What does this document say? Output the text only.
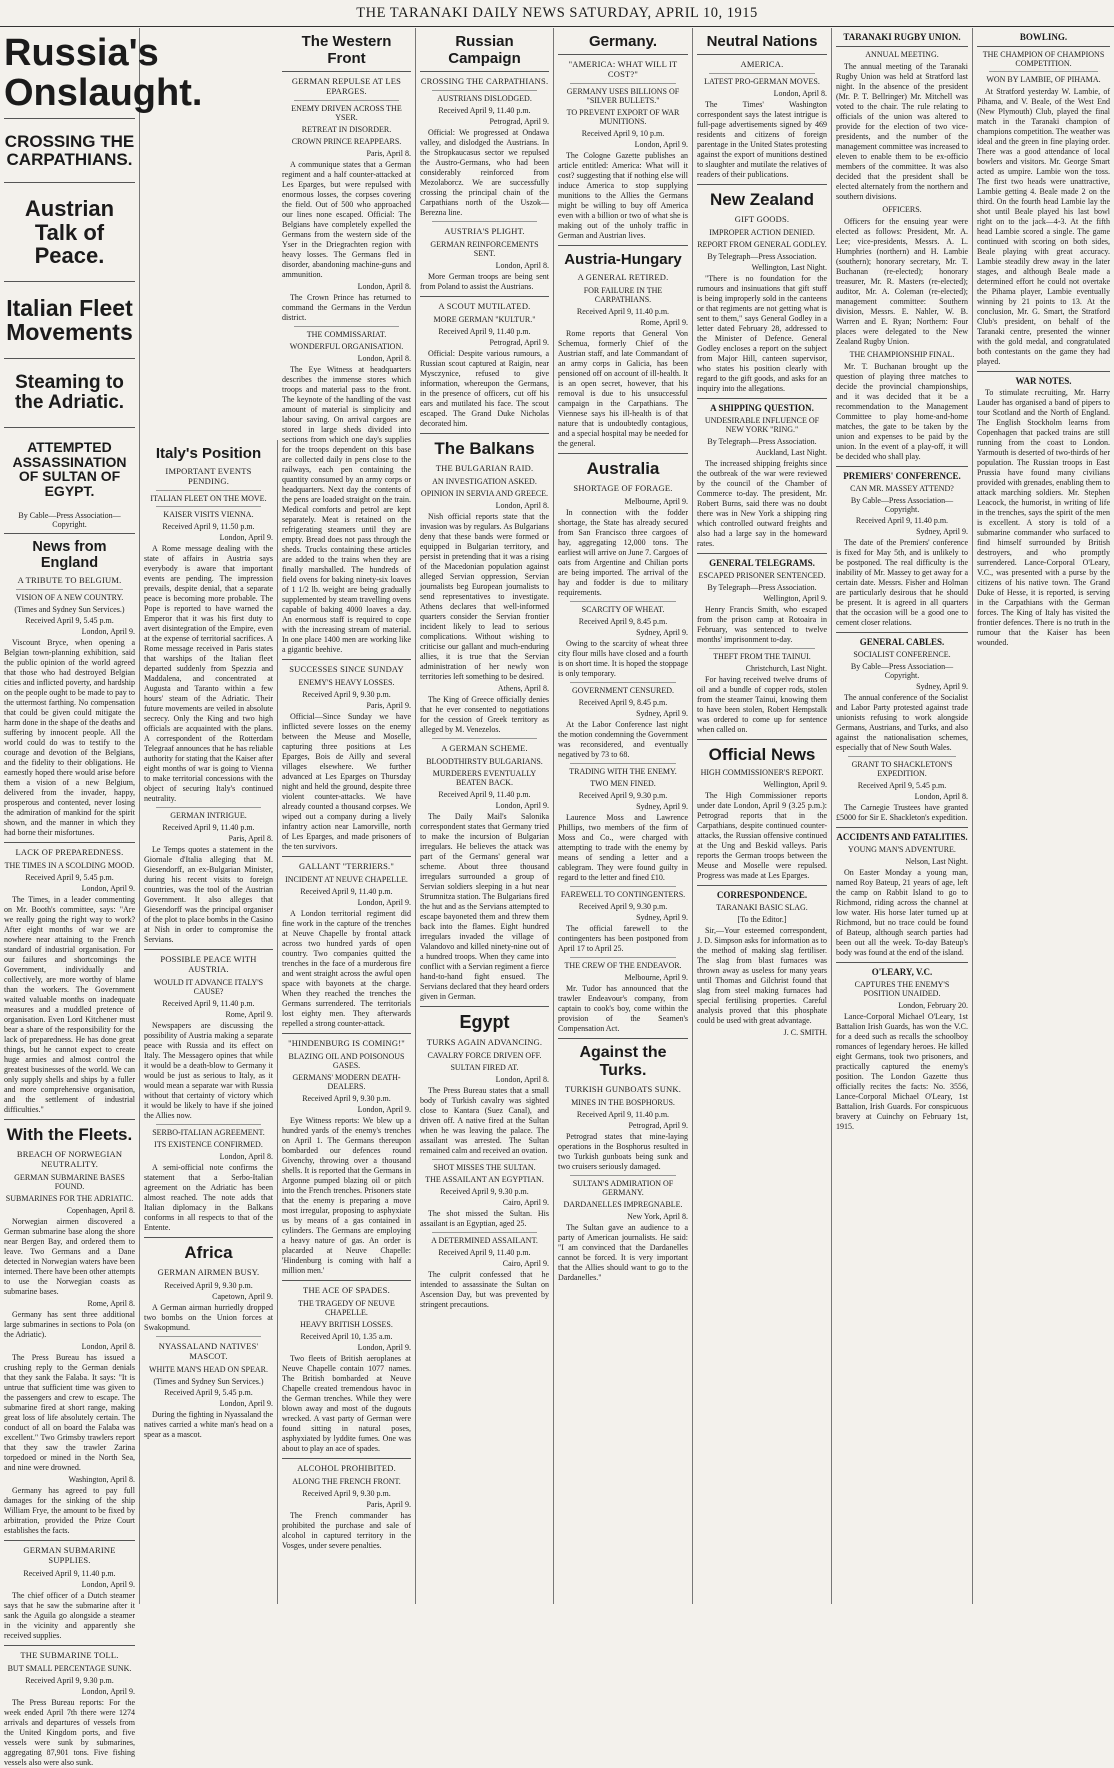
THE TARANAKI DAILY NEWS SATURDAY, APRIL 10, 1915
Russia's Onslaught.
CROSSING THE CARPATHIANS.
Austrian Talk of Peace.
Italian Fleet Movements
Steaming to the Adriatic.
ATTEMPTED ASSASSINATION OF SULTAN OF EGYPT.
By Cable—Press Association—Copyright.
News from England
A TRIBUTE TO BELGIUM.
VISION OF A NEW COUNTRY.
(Times and Sydney Sun Services.)
Received April 9, 5.45 p.m.
London, April 9.
Viscount Bryce, when opening a Belgian town-planning exhibition, said the public opinion of the world agreed that those who had destroyed Belgian cities and inflicted poverty, and hardship on the people ought to be made to pay to the uttermost farthing. No compensation that could be given could mitigate the harm done in the shape of the deaths and suffering by innocent people. All the world could do was to testify to the courage and devotion of the Belgians, and the fidelity to their obligations. He earnestly hoped there would arise before them a vision of a new Belgium, delivered from the invader, happy, prosperous and contented, never losing the admiration of mankind for the spirit shown, and the manner in which they had borne their misfortunes.
LACK OF PREPAREDNESS.
THE TIMES IN A SCOLDING MOOD.
Received April 9, 5.45 p.m.
London, April 9.
The Times, in a leader commenting on Mr. Booth's committee, says: "Are we really going the right way to work? After eight months of war we are nowhere near attaining to the French standard of industrial organisation. For our failures and shortcomings the Government, individually and collectively, are more worthy of blame than the workers. The Government waited valuable months on inadequate measures and a muddled pretence of organisation. Even Lord Kitchener must bear a share of the responsibility for the lack of preparedness. He has done great things, but he cannot expect to create huge armies and almost control the greatest businesses of the world. We can only supply shells and ships by a fuller and more comprehensive organisation, and the settlement of industrial difficulties."
With the Fleets.
BREACH OF NORWEGIAN NEUTRALITY.
GERMAN SUBMARINE BASES FOUND.
SUBMARINES FOR THE ADRIATIC.
Copenhagen, April 8.
Norwegian airmen discovered a German submarine base along the shore near Bergen Bay, and ordered them to leave. Two Germans and a Dane detected in Norwegian waters have been interned. There have been other attempts to use the Norwegian coasts as submarine bases.
Rome, April 8.
Germany has sent three additional large submarines in sections to Pola (on the Adriatic).
London, April 8.
The Press Bureau has issued a crushing reply to the German denials that they sank the Falaba. It says: "It is untrue that sufficient time was given to the passengers and crew to escape. The submarine fired at short range, making great loss of life absolutely certain. The conduct of all on board the Falaba was excellent." Two Grimsby trawlers report that they saw the trawler Zarina torpedoed or mined in the North Sea, and nine were drowned.
Washington, April 8.
Germany has agreed to pay full damages for the sinking of the ship William Frye, the amount to be fixed by arbitration, provided the Prize Court establishes the facts.
GERMAN SUBMARINE SUPPLIES.
Received April 9, 11.40 p.m.
London, April 9.
The chief officer of a Dutch steamer says that he saw the submarine after it sank the Aguila go alongside a steamer in the vicinity and apparently she received supplies.
THE SUBMARINE TOLL.
BUT SMALL PERCENTAGE SUNK.
Received April 9, 9.30 p.m.
London, April 9.
The Press Bureau reports: For the week ended April 7th there were 1274 arrivals and departures of vessels from the United Kingdom ports, and five vessels were sunk by submarines, aggregating 87,901 tons. Five fishing vessels also were also sunk.
Italy's Position
IMPORTANT EVENTS PENDING.
ITALIAN FLEET ON THE MOVE.
KAISER VISITS VIENNA.
Received April 9, 11.50 p.m.
London, April 9.
A Rome message dealing with the state of affairs in Austria says everybody is aware that important events are pending. The impression prevails, despite denial, that a separate peace is becoming more probable. The Pope is reported to have warned the Emperor that it was his first duty to avert disintegration of the Empire, even at the expense of territorial sacrifices. A Rome message received in Paris states that warships of the Italian fleet departed suddenly from Spezzia and Maddalena, and concentrated at Augusta and Taranto within a few hours' steam of the Adriatic. Their future movements are veiled in absolute secrecy. Only the King and two high officials are acquainted with the plans. A correspondent of the Rotterdam Telegraaf announces that he has reliable authority for stating that the Kaiser after eight months of war is going to Vienna to make territorial concessions with the object of securing Italy's continued neutrality.
GERMAN INTRIGUE.
Received April 9, 11.40 p.m.
Paris, April 8.
Le Temps quotes a statement in the Giornale d'Italia alleging that M. Giesendorff, an ex-Bulgarian Minister, during his recent visits to foreign countries, was the tool of the Austrian Government. It also alleges that Giesendorff was the principal organiser of the plot to place bombs in the Casino at Nish in order to compromise the Servians.
POSSIBLE PEACE WITH AUSTRIA.
WOULD IT ADVANCE ITALY'S CAUSE?
Received April 9, 11.40 p.m.
Rome, April 9.
Newspapers are discussing the possibility of Austria making a separate peace with Russia and its effect on Italy. The Messagero opines that while it would be a death-blow to Germany it would be just as serious to Italy, as it would mean a separate war with Russia without that certainty of victory which it would be likely to have if she joined the Allies now.
SERBO-ITALIAN AGREEMENT.
ITS EXISTENCE CONFIRMED.
London, April 8.
A semi-official note confirms the statement that a Serbo-Italian agreement on the Adriatic has been almost reached. The note adds that Italian diplomacy in the Balkans conforms in all respects to that of the Entente.
Africa
GERMAN AIRMEN BUSY.
Received April 9, 9.30 p.m.
Capetown, April 9.
A German airman hurriedly dropped two bombs on the Union forces at Swakopmund.
NYASSALAND NATIVES' MASCOT.
WHITE MAN'S HEAD ON SPEAR.
(Times and Sydney Sun Services.)
Received April 9, 5.45 p.m.
London, April 9.
During the fighting in Nyassaland the natives carried a white man's head on a spear as a mascot.
The Western Front
GERMAN REPULSE AT LES EPARGES.
ENEMY DRIVEN ACROSS THE YSER.
RETREAT IN DISORDER.
CROWN PRINCE REAPPEARS.
Paris, April 8.
A communique states that a German regiment and a half counter-attacked at Les Eparges, but were repulsed with enormous losses, the corpses covering the field. Out of 500 who approached our lines none escaped. Official: The Belgians have completely expelled the Germans from the western side of the Yser in the Driegrachten region with heavy losses. The Germans fled in disorder, abandoning machine-guns and ammunition.
London, April 8.
The Crown Prince has returned to command the Germans in the Verdun district.
THE COMMISSARIAT.
WONDERFUL ORGANISATION.
London, April 8.
The Eye Witness at headquarters describes the immense stores which troops and material pass to the front. The keynote of the handling of the vast amount of material is simplicity and labour saving. On arrival cargoes are stored in large sheds divided into sections from which one day's supplies for the troops dependent on this base are collected daily in pens close to the railways, each pen containing the quantity consumed by an army corps or headquarters. Next day the contents of the pens are loaded straight on the train. Medical comforts and petrol are kept separately. Meat is retained on the refrigerating steamers until they are empty. Bread does not pass through the sheds. Trucks containing these articles are added to the trains when they are finally marshalled. The hundreds of field ovens for baking ninety-six loaves of 1 1/2 lb. weight are being gradually supplemented by steam travelling ovens capable of baking 4000 loaves a day. An enormous staff is required to cope with the increasing stream of material. In one place 1400 men are working like a gigantic beehive.
SUCCESSES SINCE SUNDAY
ENEMY'S HEAVY LOSSES.
Received April 9, 9.30 p.m.
Paris, April 9.
Official—Since Sunday we have inflicted severe losses on the enemy between the Meuse and Moselle, capturing three positions at Les Eparges, Bois de Ailly and several villages elsewhere. We further advanced at Les Eparges on Thursday night and held the ground, despite three violent counter-attacks. We have already counted a thousand corpses. We wiped out a company during a lively infantry action near Lamorville, north of Les Eparges, and made prisoners of the ten survivors.
GALLANT "TERRIERS."
INCIDENT AT NEUVE CHAPELLE.
Received April 9, 11.40 p.m.
London, April 9.
A London territorial regiment did fine work in the capture of the trenches at Neuve Chapelle by frontal attack across two hundred yards of open country. Two companies quitted the trenches in the face of a murderous fire and went straight across the awful open space with bayonets at the charge. When they reached the trenches the Germans surrendered. The territorials lost eighty men. They afterwards repelled a strong counter-attack.
"HINDENBURG IS COMING!"
BLAZING OIL AND POISONOUS GASES.
GERMANS' MODERN DEATH-DEALERS.
Received April 9, 9.30 p.m.
London, April 9.
Eye Witness reports: We blew up a hundred yards of the enemy's trenches on April 1. The Germans thereupon bombarded our defences round Givenchy, throwing over a thousand shells. It is reported that the Germans in Argonne pumped blazing oil or pitch into the French trenches. Prisoners state that the enemy is preparing a move most irregular, proposing to asphyxiate us by means of a gas contained in cylinders. The Germans are employing a heavy nature of gas. An order is placarded at Neuve Chapelle: 'Hindenburg is coming with half a million men.'
THE ACE OF SPADES.
THE TRAGEDY OF NEUVE CHAPELLE.
HEAVY BRITISH LOSSES.
Received April 10, 1.35 a.m.
London, April 9.
Two fleets of British aeroplanes at Neuve Chapelle contain 1077 names. The British bombarded at Neuve Chapelle created tremendous havoc in the German trenches. While they were blown away and most of the dugouts wrecked. A vast party of German were found sitting in natural poses, asphyxiated by lyddite fumes. One was about to play an ace of spades.
ALCOHOL PROHIBITED.
ALONG THE FRENCH FRONT.
Received April 9, 9.30 p.m.
Paris, April 9.
The French commander has prohibited the purchase and sale of alcohol in captured territory in the Vosges, under severe penalties.
Russian Campaign
CROSSING THE CARPATHIANS.
AUSTRIANS DISLODGED.
Received April 9, 11.40 p.m.
Petrograd, April 9.
Official: We progressed at Ondawa valley, and dislodged the Austrians. In the Stropkaucasus sector we repulsed the Austro-Germans, who had been considerably reinforced from Mezolaborcz. We are successfully crossing the principal chain of the Carpathians north of the Uszok—Berezna line.
AUSTRIA'S PLIGHT.
GERMAN REINFORCEMENTS SENT.
London, April 8.
More German troops are being sent from Poland to assist the Austrians.
A SCOUT MUTILATED.
MORE GERMAN "KULTUR."
Received April 9, 11.40 p.m.
Petrograd, April 9.
Official: Despite various rumours, a Russian scout captured at Raigin, near Mysczynice, refused to give information, whereupon the Germans, in the presence of officers, cut off his ears and mutilated his face. The scout escaped. The Grand Duke Nicholas decorated him.
The Balkans
THE BULGARIAN RAID.
AN INVESTIGATION ASKED.
OPINION IN SERVIA AND GREECE.
London, April 8.
Nish official reports state that the invasion was by regulars. As Bulgarians deny that these bands were formed or equipped in Bulgarian territory, and persist in pretending that it was a rising of the Macedonian population against alleged Servian oppression, Servian journalists beg European journalists to send representatives to investigate. Athens declares that well-informed quarters consider the Servian frontier incident likely to lead to serious complications. Without wishing to criticise our gallant and much-enduring allies, it is true that the Servian administration of her newly won territories left something to be desired.
Athens, April 8.
The King of Greece officially denies that he ever consented to negotiations for the cession of Greek territory as alleged by M. Venezelos.
A GERMAN SCHEME.
BLOODTHIRSTY BULGARIANS.
MURDERERS EVENTUALLY BEATEN BACK.
Received April 9, 11.40 p.m.
London, April 9.
The Daily Mail's Salonika correspondent states that Germany tried to make the incursion of Bulgarian irregulars. He believes the attack was part of the Germans' general war scheme. About three thousand irregulars surrounded a group of Servian soldiers sleeping in a hut near Strumnitza station. The Bulgarians fired the hut and as the Servians attempted to escape bayoneted them and threw them back into the flames. Eight hundred irregulars invaded the village of Valandovo and killed ninety-nine out of a hundred troops. When they came into conflict with a Servian regiment a fierce hand-to-hand fight ensued. The Servians declared that they heard orders given in German.
Egypt
TURKS AGAIN ADVANCING.
CAVALRY FORCE DRIVEN OFF.
SULTAN FIRED AT.
London, April 8.
The Press Bureau states that a small body of Turkish cavalry was sighted close to Kantara (Suez Canal), and driven off. A native fired at the Sultan when he was leaving the palace. The assailant was arrested. The Sultan remained calm and received an ovation.
SHOT MISSES THE SULTAN.
THE ASSAILANT AN EGYPTIAN.
Received April 9, 9.30 p.m.
Cairo, April 9.
The shot missed the Sultan. His assailant is an Egyptian, aged 25.
A DETERMINED ASSAILANT.
Received April 9, 11.40 p.m.
Cairo, April 9.
The culprit confessed that he intended to assassinate the Sultan on Ascension Day, but was prevented by stringent precautions.
Germany.
"AMERICA: WHAT WILL IT COST?"
GERMANY USES BILLIONS OF "SILVER BULLETS."
TO PREVENT EXPORT OF WAR MUNITIONS.
Received April 9, 10 p.m.
London, April 9.
The Cologne Gazette publishes an article entitled: America: What will it cost? suggesting that if nothing else will induce America to stop supplying munitions to the Allies the Germans might be willing to buy off America even with a billion or two of what she is making out of the unholy traffic in German and Austrian lives.
Austria-Hungary
A GENERAL RETIRED.
FOR FAILURE IN THE CARPATHIANS.
Received April 9, 11.40 p.m.
Rome, April 9.
Rome reports that General Von Schemua, formerly Chief of the Austrian staff, and late Commandant of an army corps in Galicia, has been pensioned off on account of ill-health. It is an open secret, however, that his removal is due to his unsuccessful campaign in the Carpathians. The Viennese says his ill-health is of that nature that is undoubtedly contagious, and a special hospital may be needed for the general.
Australia
SHORTAGE OF FORAGE.
Melbourne, April 9.
In connection with the fodder shortage, the State has already secured from San Francisco three cargoes of hay, aggregating 12,000 tons. The earliest will arrive on June 7. Cargoes of oats from Argentine and Chilian ports are being imported. The arrival of the hay and fodder is due to military requirements.
SCARCITY OF WHEAT.
Received April 9, 8.45 p.m.
Sydney, April 9.
Owing to the scarcity of wheat three city flour mills have closed and a fourth is on short time. It is hoped the stoppage is only temporary.
GOVERNMENT CENSURED.
Received April 9, 8.45 p.m.
Sydney, April 9.
At the Labor Conference last night the motion condemning the Government was reconsidered, and eventually negatived by 73 to 68.
TRADING WITH THE ENEMY.
TWO MEN FINED.
Received April 9, 9.30 p.m.
Sydney, April 9.
Laurence Moss and Lawrence Phillips, two members of the firm of Moss and Co., were charged with attempting to trade with the enemy by means of sending a letter and a cablegram. They were found guilty in regard to the letter and fined £10.
FAREWELL TO CONTINGENTERS.
Received April 9, 9.30 p.m.
Sydney, April 9.
The official farewell to the contingenters has been postponed from April 17 to April 25.
THE CREW OF THE ENDEAVOR.
Melbourne, April 9.
Mr. Tudor has announced that the trawler Endeavour's company, from captain to cook's boy, come within the provision of the Seamen's Compensation Act.
Against the Turks.
TURKISH GUNBOATS SUNK.
MINES IN THE BOSPHORUS.
Received April 9, 11.40 p.m.
Petrograd, April 9.
Petrograd states that mine-laying operations in the Bosphorus resulted in two Turkish gunboats being sunk and two cruisers seriously damaged.
SULTAN'S ADMIRATION OF GERMANY.
DARDANELLES IMPREGNABLE.
New York, April 8.
The Sultan gave an audience to a party of American journalists. He said: "I am convinced that the Dardanelles cannot be forced. It is very important that the Allies should want to go to the Dardanelles."
Neutral Nations
AMERICA.
LATEST PRO-GERMAN MOVES.
London, April 8.
The Times' Washington correspondent says the latest intrigue is full-page advertisements signed by 469 residents and citizens of foreign parentage in the United States protesting against the export of munitions destined to slaughter and mutilate the relatives of readers of their publications.
New Zealand
GIFT GOODS.
IMPROPER ACTION DENIED.
REPORT FROM GENERAL GODLEY.
By Telegraph—Press Association.
Wellington, Last Night.
"There is no foundation for the rumours and insinuations that gift stuff is being improperly sold in the canteens or that regiments are not getting what is sent to them," says General Godley in a letter dated February 28, addressed to the Minister of Defence. General Godley encloses a report on the subject from Major Hill, canteen supervisor, who states his position clearly with regard to the gift goods, and asks for an inquiry into the allegations.
A SHIPPING QUESTION.
UNDESIRABLE INFLUENCE OF NEW YORK "RING."
By Telegraph—Press Association.
Auckland, Last Night.
The increased shipping freights since the outbreak of the war were reviewed by the council of the Chamber of Commerce to-day. The president, Mr. Robert Burns, said there was no doubt there was in New York a shipping ring which controlled outward freights and also had a large say in the homeward rates.
GENERAL TELEGRAMS.
ESCAPED PRISONER SENTENCED.
By Telegraph—Press Association.
Wellington, April 9.
Henry Francis Smith, who escaped from the prison camp at Rotoaira in February, was sentenced to twelve months' imprisonment to-day.
THEFT FROM THE TAINUI.
Christchurch, Last Night.
For having received twelve drums of oil and a bundle of copper rods, stolen from the steamer Tainui, knowing them to have been stolen, Robert Hempstalk was ordered to come up for sentence when called on.
Official News
HIGH COMMISSIONER'S REPORT.
Wellington, April 9.
The High Commissioner reports under date London, April 9 (3.25 p.m.): Petrograd reports that in the Carpathians, despite continued counter-attacks, the Russian offensive continued at the Ung and Beskid valleys. Paris reports the German troops between the Meuse and Moselle were repulsed. Progress was made at Les Eparges.
CORRESPONDENCE.
TARANAKI BASIC SLAG.
[To the Editor.]
Sir,—Your esteemed correspondent, J. D. Simpson asks for information as to the method of making slag fertiliser. The slag from blast furnaces was thrown away as useless for many years until Thomas and Gilchrist found that slag from steel making furnaces had special fertilising properties. Careful analysis proved that this phosphate could be used with great advantage.
J. C. SMITH.
TARANAKI RUGBY UNION.
ANNUAL MEETING.
The annual meeting of the Taranaki Rugby Union was held at Stratford last night. In the absence of the president (Mr. P. T. Bellringer) Mr. Mitchell was voted to the chair. The rule relating to officials of the union was altered to provide for the election of two vice-presidents, and the number of the management committee was increased to eleven to enable them to be ex-officio members of the committee. It was also decided that the president shall be elected alternately from the northern and southern divisions.
OFFICERS.
Officers for the ensuing year were elected as follows: President, Mr. A. Lee; vice-presidents, Messrs. A. L. Humphries (northern) and H. Lambie (southern); honorary secretary, Mr. T. Buchanan (re-elected); honorary treasurer, Mr. R. Masters (re-elected); auditor, Mr. A. Coleman (re-elected); management committee: Southern division, Messrs. E. Nahler, W. B. Warren and E. Ryan; Northern: Four places were delegated to the New Zealand Rugby Union.
THE CHAMPIONSHIP FINAL.
Mr. T. Buchanan brought up the question of playing three matches to decide the provincial championships, and it was decided that it be a recommendation to the Management Committee to play home-and-home matches, the gate to be taken by the union and expenses to be paid by the union. In the event of a play-off, it will be decided who shall play.
PREMIERS' CONFERENCE.
CAN MR. MASSEY ATTEND?
By Cable—Press Association—Copyright.
Received April 9, 11.40 p.m.
Sydney, April 9.
The date of the Premiers' conference is fixed for May 5th, and is unlikely to be postponed. The real difficulty is the inability of Mr. Massey to get away for a certain date. Messrs. Fisher and Holman are particularly desirous that he should be present. It is agreed in all quarters that the occasion will be a good one to cement closer relations.
GENERAL CABLES.
SOCIALIST CONFERENCE.
By Cable—Press Association—Copyright.
Sydney, April 9.
The annual conference of the Socialist and Labor Party protested against trade unionists refusing to work alongside Germans, Austrians, and Turks, and also against the nationalisation schemes, especially that of New South Wales.
GRANT TO SHACKLETON'S EXPEDITION.
Received April 9, 5.45 p.m.
London, April 8.
The Carnegie Trustees have granted £5000 for Sir E. Shackleton's expedition.
ACCIDENTS AND FATALITIES.
YOUNG MAN'S ADVENTURE.
Nelson, Last Night.
On Easter Monday a young man, named Roy Bateup, 21 years of age, left the camp on Rabbit Island to go to Richmond, riding across the channel at low water. His horse later turned up at Richmond, but no trace could be found of Bateup, although search parties had been out all the week. To-day Bateup's body was found at the end of the island.
O'LEARY, V.C.
CAPTURES THE ENEMY'S POSITION UNAIDED.
London, February 20.
Lance-Corporal Michael O'Leary, 1st Battalion Irish Guards, has won the V.C. for a deed such as recalls the schoolboy romances of legendary heroes. He killed eight Germans, took two prisoners, and practically captured the enemy's position. The London Gazette thus officially recites the facts: No. 3556, Lance-Corporal Michael O'Leary, 1st Battalion, Irish Guards. For conspicuous bravery at Cuinchy on February 1st, 1915.
BOWLING.
THE CHAMPION OF CHAMPIONS COMPETITION.
WON BY LAMBIE, OF PIHAMA.
At Stratford yesterday W. Lambie, of Pihama, and V. Beale, of the West End (New Plymouth) Club, played the final match in the Taranaki champion of champions competition. The weather was ideal and the green in fine playing order. There was a good attendance of local bowlers and visitors. Mr. George Smart acted as umpire. Lambie won the toss. The first two heads were unattractive, Lambie getting 4. Beale made 2 on the third. On the fourth head Lambie lay the shot until Beale played his last bowl right on to the jack—4-3. At the fifth head Lambie scored a single. The game continued with scoring on both sides, Beale playing with great accuracy. Lambie steadily drew away in the later stages, and although Beale made a determined effort he could not overtake the Pihama player, Lambie eventually winning by 21 points to 13. At the conclusion, Mr. G. Smart, the Stratford Club's president, on behalf of the Taranaki centre, presented the winner with the gold medal, and congratulated both contestants on the game they had played.
WAR NOTES.
To stimulate recruiting, Mr. Harry Lauder has organised a band of pipers to tour Scotland and the North of England. The English Stockholm learns from Copenhagen that packed trains are still running from the coast to London. Yarmouth is deserted of two-thirds of her population. The Russian troops in East Prussia have found many civilians provided with grenades, enabling them to attack marching soldiers. Mr. Stephen Leacock, the humorist, in writing of life in the trenches, says the spirit of the men is excellent. A story is told of a submarine commander who surfaced to find himself surrounded by British destroyers, and who promptly surrendered. Lance-Corporal O'Leary, V.C., was presented with a purse by the citizens of his native town. The Grand Duke of Hesse, it is reported, is serving in the Carpathians with the German forces. The King of Italy has visited the frontier defences. There is no truth in the rumour that the Kaiser has been wounded.
